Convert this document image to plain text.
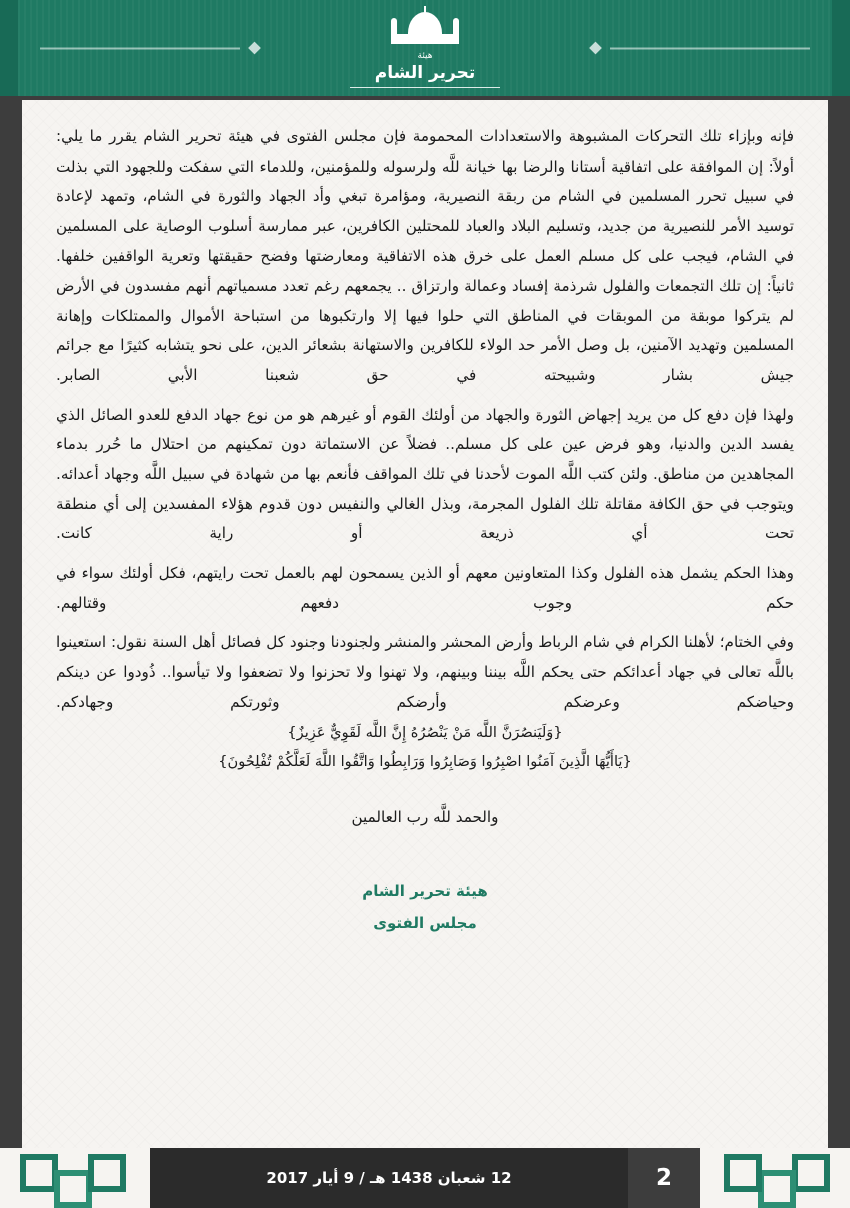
هيئة
تحرير الشام

فإنه وبإزاء تلك التحركات المشبوهة والاستعدادات المحمومة فإن مجلس الفتوى في هيئة تحرير الشام يقرر ما يلي:

أولاً: إن الموافقة على اتفاقية أستانا والرضا بها خيانة للَّه ولرسوله وللمؤمنين، وللدماء التي سفكت وللجهود التي بذلت في سبيل تحرر المسلمين في الشام من ربقة النصيرية، ومؤامرة تبغي وأد الجهاد والثورة في الشام، وتمهد لإعادة توسيد الأمر للنصيرية من جديد، وتسليم البلاد والعباد للمحتلين الكافرين، عبر ممارسة أسلوب الوصاية على المسلمين في الشام، فيجب على كل مسلم العمل على خرق هذه الاتفاقية ومعارضتها وفضح حقيقتها وتعرية الواقفين خلفها.

ثانياً: إن تلك التجمعات والفلول شرذمة إفساد وعمالة وارتزاق .. يجمعهم رغم تعدد مسمياتهم أنهم مفسدون في الأرض لم يتركوا موبقة من الموبقات في المناطق التي حلوا فيها إلا وارتكبوها من استباحة الأموال والممتلكات وإهانة المسلمين وتهديد الآمنين، بل وصل الأمر حد الولاء للكافرين والاستهانة بشعائر الدين، على نحو يتشابه كثيرًا مع جرائم جيش بشار وشبيحته في حق شعبنا الأبي الصابر.

ولهذا فإن دفع كل من يريد إجهاض الثورة والجهاد من أولئك القوم أو غيرهم هو من نوع جهاد الدفع للعدو الصائل الذي يفسد الدين والدنيا، وهو فرض عين على كل مسلم.. فضلاً عن الاستماتة دون تمكينهم من احتلال ما حُرر بدماء المجاهدين من مناطق. ولئن كتب اللَّه الموت لأحدنا في تلك المواقف فأنعم بها من شهادة في سبيل اللَّه وجهاد أعدائه. ويتوجب في حق الكافة مقاتلة تلك الفلول المجرمة، وبذل الغالي والنفيس دون قدوم هؤلاء المفسدين إلى أي منطقة تحت أي ذريعة أو راية كانت.

وهذا الحكم يشمل هذه الفلول وكذا المتعاونين معهم أو الذين يسمحون لهم بالعمل تحت رايتهم، فكل أولئك سواء في حكم وجوب دفعهم وقتالهم.

وفي الختام؛ لأهلنا الكرام في شام الرباط وأرض المحشر والمنشر ولجنودنا وجنود كل فصائل أهل السنة نقول: استعينوا باللَّه تعالى في جهاد أعدائكم حتى يحكم اللَّه بيننا وبينهم، ولا تهنوا ولا تحزنوا ولا تضعفوا ولا تيأسوا.. ذُودوا عن دينكم وحياضكم وعرضكم وأرضكم وثورتكم وجهادكم.

{وَلَيَنصُرَنَّ اللَّه مَنْ يَنْصُرُهُ إِنَّ اللَّه لَقَوِيٌّ عَزِيزٌ}

{يَاأَيُّهَا الَّذِينَ آمَنُوا اصْبِرُوا وَصَابِرُوا وَرَابِطُوا وَاتَّقُوا اللَّهَ لَعَلَّكُمْ تُفْلِحُونَ}

والحمد للَّه رب العالمين

هيئة تحرير الشام
مجلس الفتوى
2
12 شعبان 1438 هـ / 9 أيار 2017
